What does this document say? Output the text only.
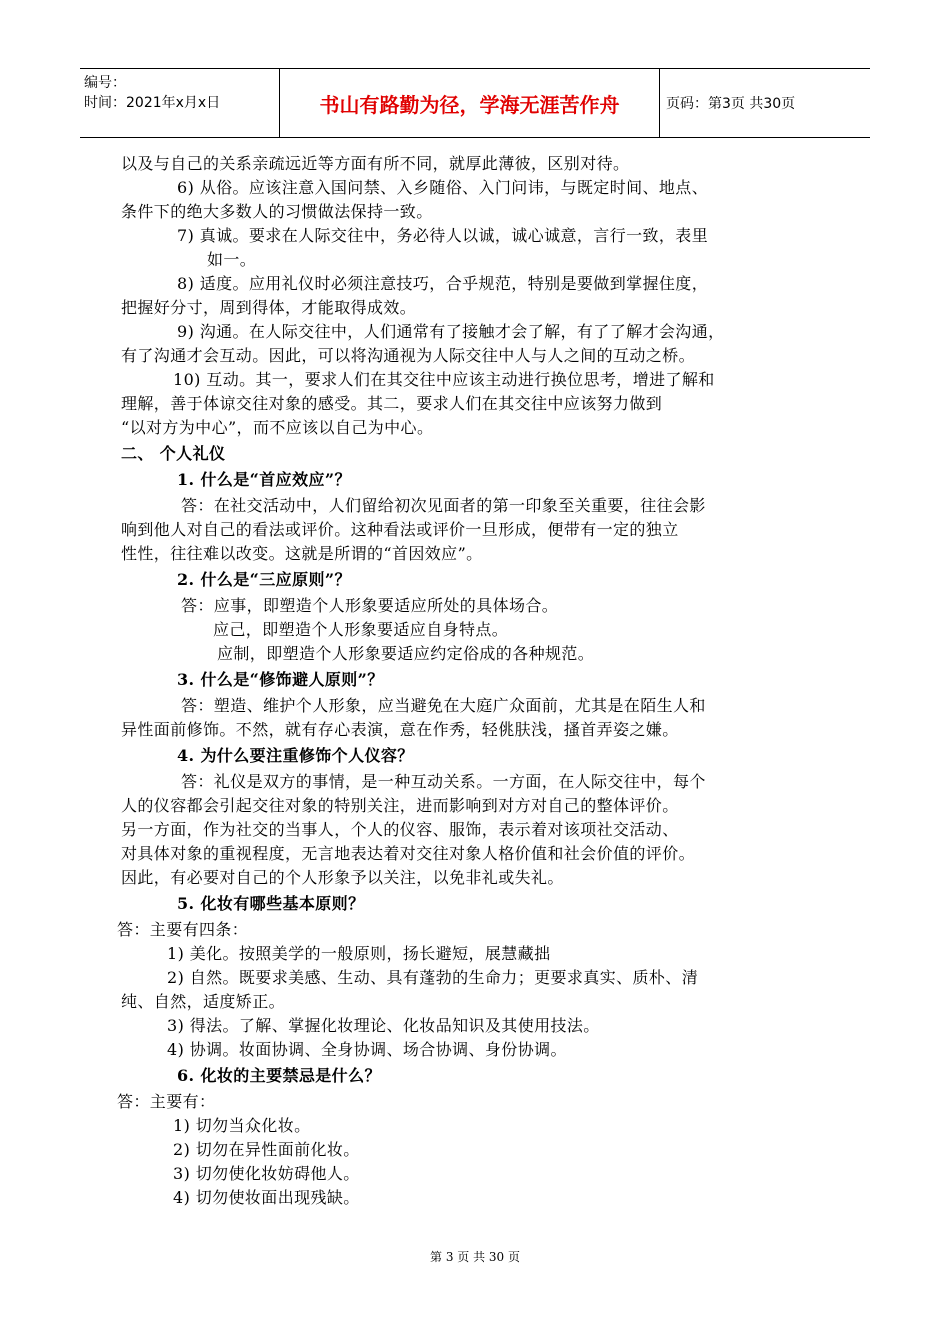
编号：
时间：2021年x月x日	书山有路勤为径，学海无涯苦作舟	页码：第3页 共30页
以及与自己的关系亲疏远近等方面有所不同，就厚此薄彼，区别对待。
6) 从俗。应该注意入国问禁、入乡随俗、入门问讳，与既定时间、地点、
条件下的绝大多数人的习惯做法保持一致。
7) 真诚。要求在人际交往中，务必待人以诚，诚心诚意，言行一致，表里
如一。
8) 适度。应用礼仪时必须注意技巧，合乎规范，特别是要做到掌握住度，
把握好分寸，周到得体，才能取得成效。
9) 沟通。在人际交往中，人们通常有了接触才会了解，有了了解才会沟通，
有了沟通才会互动。因此，可以将沟通视为人际交往中人与人之间的互动之桥。
10) 互动。其一，要求人们在其交往中应该主动进行换位思考，增进了解和
理解，善于体谅交往对象的感受。其二，要求人们在其交往中应该努力做到
“以对方为中心”，而不应该以自己为中心。
二、 个人礼仪
1. 什么是“首应效应”？
答：在社交活动中，人们留给初次见面者的第一印象至关重要，往往会影
响到他人对自己的看法或评价。这种看法或评价一旦形成，便带有一定的独立
性性，往往难以改变。这就是所谓的“首因效应”。
2. 什么是“三应原则”？
答：应事，即塑造个人形象要适应所处的具体场合。
应己，即塑造个人形象要适应自身特点。
应制，即塑造个人形象要适应约定俗成的各种规范。
3. 什么是“修饰避人原则”？
答：塑造、维护个人形象，应当避免在大庭广众面前，尤其是在陌生人和
异性面前修饰。不然，就有存心表演，意在作秀，轻佻肤浅，搔首弄姿之嫌。
4. 为什么要注重修饰个人仪容？
答：礼仪是双方的事情，是一种互动关系。一方面，在人际交往中，每个
人的仪容都会引起交往对象的特别关注，进而影响到对方对自己的整体评价。
另一方面，作为社交的当事人，个人的仪容、服饰，表示着对该项社交活动、
对具体对象的重视程度，无言地表达着对交往对象人格价值和社会价值的评价。
因此，有必要对自己的个人形象予以关注，以免非礼或失礼。
5. 化妆有哪些基本原则？
答：主要有四条：
1) 美化。按照美学的一般原则，扬长避短，展慧藏拙
2) 自然。既要求美感、生动、具有蓬勃的生命力；更要求真实、质朴、清
纯、自然，适度矫正。
3) 得法。了解、掌握化妆理论、化妆品知识及其使用技法。
4) 协调。妆面协调、全身协调、场合协调、身份协调。
6. 化妆的主要禁忌是什么？
答：主要有：
1) 切勿当众化妆。
2) 切勿在异性面前化妆。
3) 切勿使化妆妨碍他人。
4) 切勿使妆面出现残缺。
第 3 页 共 30 页
